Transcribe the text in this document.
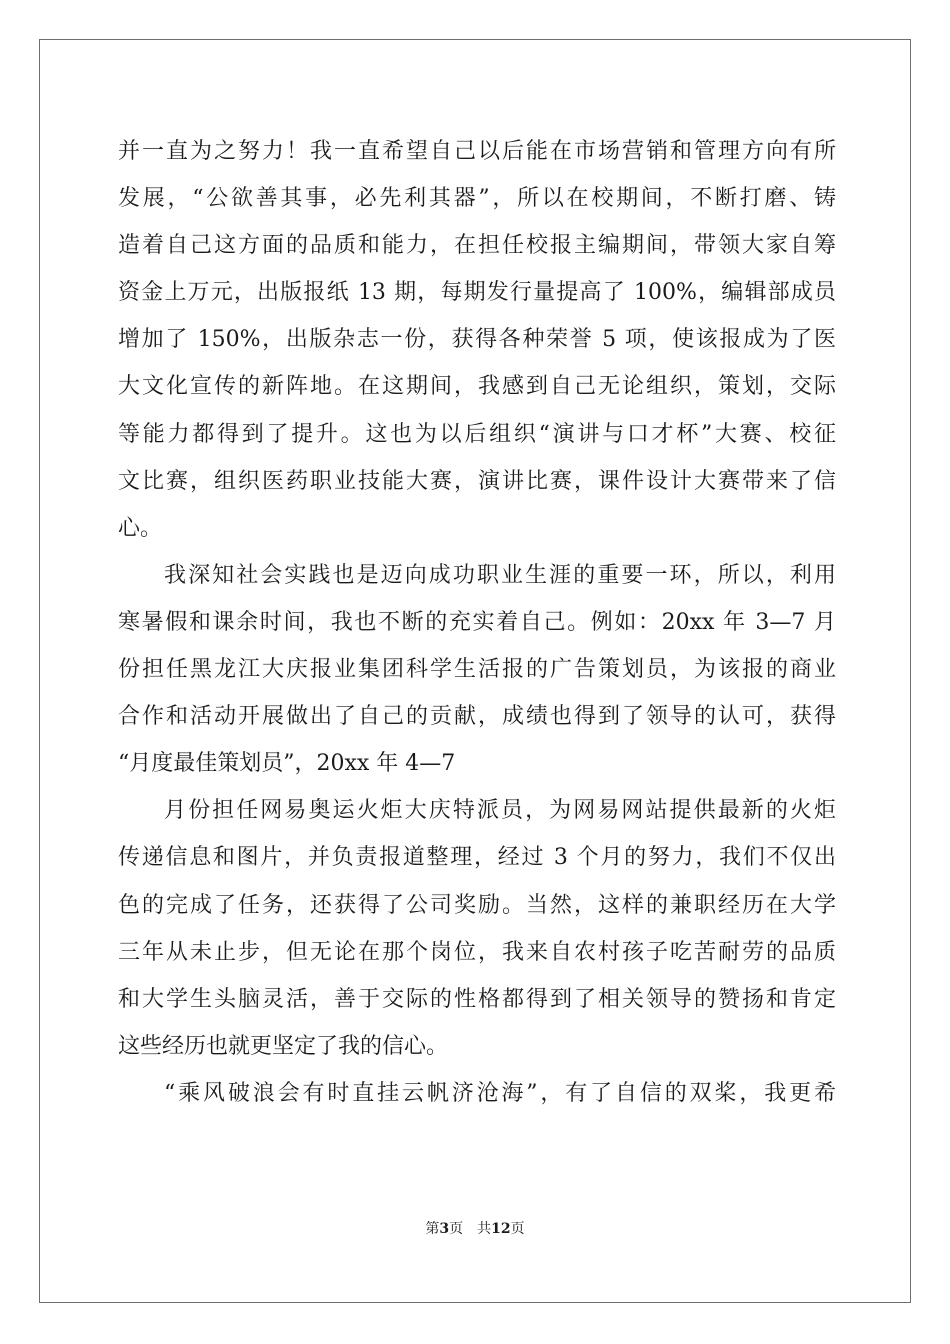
并一直为之努力！我一直希望自己以后能在市场营销和管理方向有所
发展，“公欲善其事，必先利其器”，所以在校期间，不断打磨、铸
造着自己这方面的品质和能力，在担任校报主编期间，带领大家自筹
资金上万元，出版报纸 13 期，每期发行量提高了 100%，编辑部成员
增加了 150%，出版杂志一份，获得各种荣誉 5 项，使该报成为了医
大文化宣传的新阵地。在这期间，我感到自己无论组织，策划，交际
等能力都得到了提升。这也为以后组织“演讲与口才杯”大赛、校征
文比赛，组织医药职业技能大赛，演讲比赛，课件设计大赛带来了信
心。
我深知社会实践也是迈向成功职业生涯的重要一环，所以，利用
寒暑假和课余时间，我也不断的充实着自己。例如：20xx 年 3—7 月
份担任黑龙江大庆报业集团科学生活报的广告策划员，为该报的商业
合作和活动开展做出了自己的贡献，成绩也得到了领导的认可，获得
“月度最佳策划员”，20xx 年 4—7
月份担任网易奥运火炬大庆特派员，为网易网站提供最新的火炬
传递信息和图片，并负责报道整理，经过 3 个月的努力，我们不仅出
色的完成了任务，还获得了公司奖励。当然，这样的兼职经历在大学
三年从未止步，但无论在那个岗位，我来自农村孩子吃苦耐劳的品质
和大学生头脑灵活，善于交际的性格都得到了相关领导的赞扬和肯定
这些经历也就更坚定了我的信心。
“乘风破浪会有时直挂云帆济沧海”，有了自信的双桨，我更希
第3页 共12页
